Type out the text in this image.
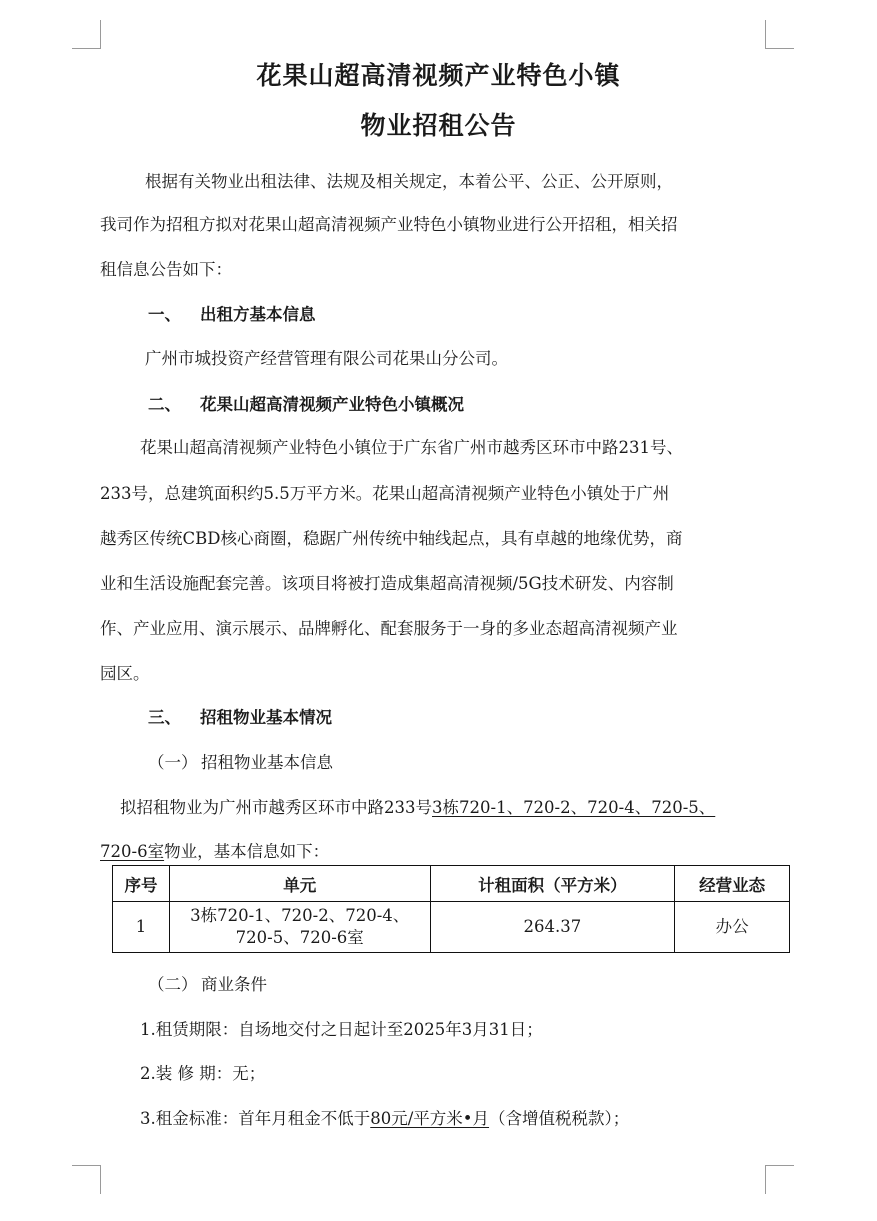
花果山超高清视频产业特色小镇
物业招租公告
根据有关物业出租法律、法规及相关规定，本着公平、公正、公开原则，
我司作为招租方拟对花果山超高清视频产业特色小镇物业进行公开招租，相关招
租信息公告如下：
一、 出租方基本信息
广州市城投资产经营管理有限公司花果山分公司。
二、 花果山超高清视频产业特色小镇概况
花果山超高清视频产业特色小镇位于广东省广州市越秀区环市中路231号、
233号，总建筑面积约5.5万平方米。花果山超高清视频产业特色小镇处于广州
越秀区传统CBD核心商圈，稳踞广州传统中轴线起点，具有卓越的地缘优势，商
业和生活设施配套完善。该项目将被打造成集超高清视频/5G技术研发、内容制
作、产业应用、演示展示、品牌孵化、配套服务于一身的多业态超高清视频产业
园区。
三、 招租物业基本情况
（一） 招租物业基本信息
拟招租物业为广州市越秀区环市中路233号3栋720-1、720-2、720-4、720-5、
720-6室物业，基本信息如下：
序号	单元	计租面积（平方米）	经营业态
1	3栋720-1、720-2、720-4、
720-5、720-6室	264.37	办公
（二） 商业条件
1.租赁期限：自场地交付之日起计至2025年3月31日；
2.装 修 期：无；
3.租金标准：首年月租金不低于80元/平方米•月（含增值税税款）；
